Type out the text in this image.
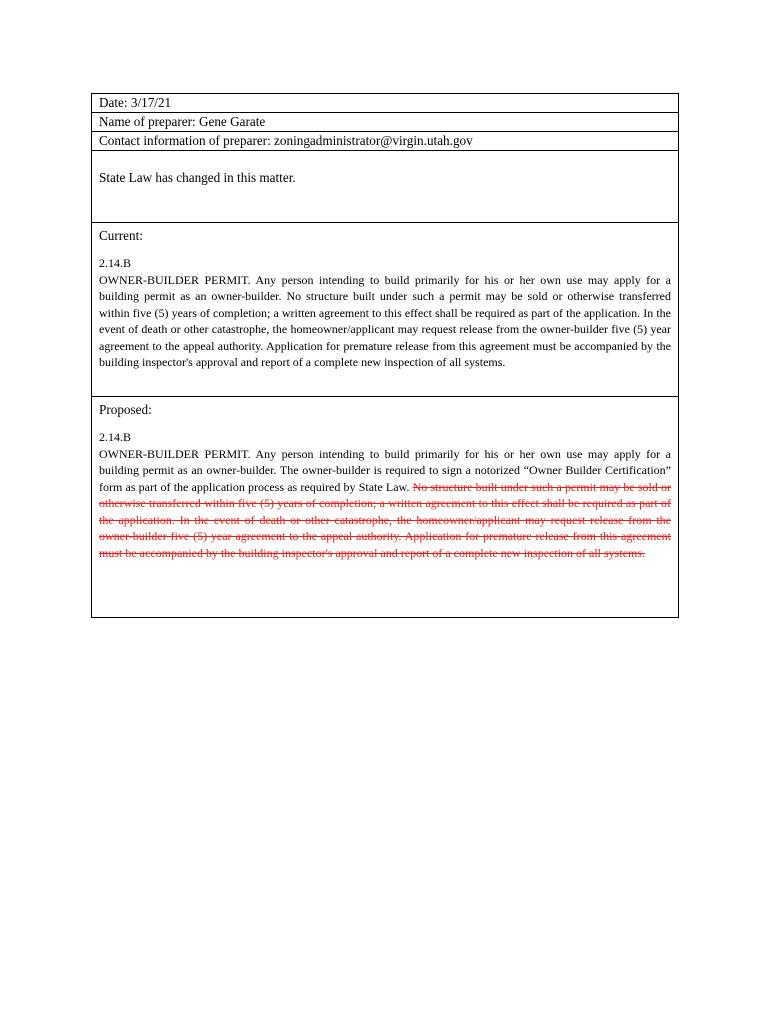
Date: 3/17/21
Name of preparer: Gene Garate
Contact information of preparer: zoningadministrator@virgin.utah.gov
State Law has changed in this matter.
Current:
2.14.B
OWNER-BUILDER PERMIT. Any person intending to build primarily for his or her own use may apply for a building permit as an owner-builder. No structure built under such a permit may be sold or otherwise transferred within five (5) years of completion; a written agreement to this effect shall be required as part of the application. In the event of death or other catastrophe, the homeowner/applicant may request release from the owner-builder five (5) year agreement to the appeal authority. Application for premature release from this agreement must be accompanied by the building inspector's approval and report of a complete new inspection of all systems.
Proposed:
2.14.B
OWNER-BUILDER PERMIT. Any person intending to build primarily for his or her own use may apply for a building permit as an owner-builder. The owner-builder is required to sign a notorized “Owner Builder Certification” form as part of the application process as required by State Law. No structure built under such a permit may be sold or otherwise transferred within five (5) years of completion; a written agreement to this effect shall be required as part of the application. In the event of death or other catastrophe, the homeowner/applicant may request release from the owner-builder five (5) year agreement to the appeal authority. Application for premature release from this agreement must be accompanied by the building inspector's approval and report of a complete new inspection of all systems.
